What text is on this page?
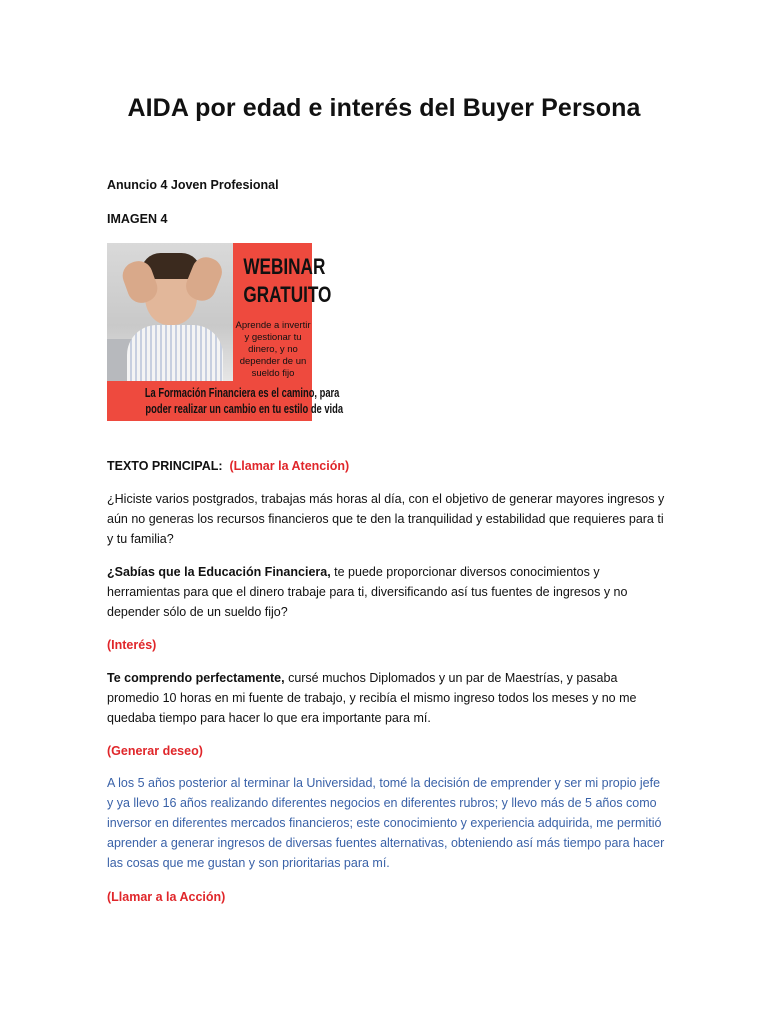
AIDA por edad e interés del Buyer Persona
Anuncio 4 Joven Profesional
IMAGEN 4
WEBINAR
GRATUITO
Aprende a invertir y gestionar tu dinero, y no depender de un sueldo fijo
La Formación Financiera es el camino, para
poder realizar un cambio en tu estilo de vida
TEXTO PRINCIPAL: (Llamar la Atención)
¿Hiciste varios postgrados, trabajas más horas al día, con el objetivo de generar mayores ingresos y aún no generas los recursos financieros que te den la tranquilidad y estabilidad que requieres para ti y tu familia?
¿Sabías que la Educación Financiera, te puede proporcionar diversos conocimientos y herramientas para que el dinero trabaje para ti, diversificando así tus fuentes de ingresos y no depender sólo de un sueldo fijo?
(Interés)
Te comprendo perfectamente, cursé muchos Diplomados y un par de Maestrías, y pasaba promedio 10 horas en mi fuente de trabajo, y recibía el mismo ingreso todos los meses y no me quedaba tiempo para hacer lo que era importante para mí.
(Generar deseo)
A los 5 años posterior al terminar la Universidad, tomé la decisión de emprender y ser mi propio jefe y ya llevo 16 años realizando diferentes negocios en diferentes rubros; y llevo más de 5 años como inversor en diferentes mercados financieros; este conocimiento y experiencia adquirida, me permitió aprender a generar ingresos de diversas fuentes alternativas, obteniendo así más tiempo para hacer las cosas que me gustan y son prioritarias para mí.
(Llamar a la Acción)
